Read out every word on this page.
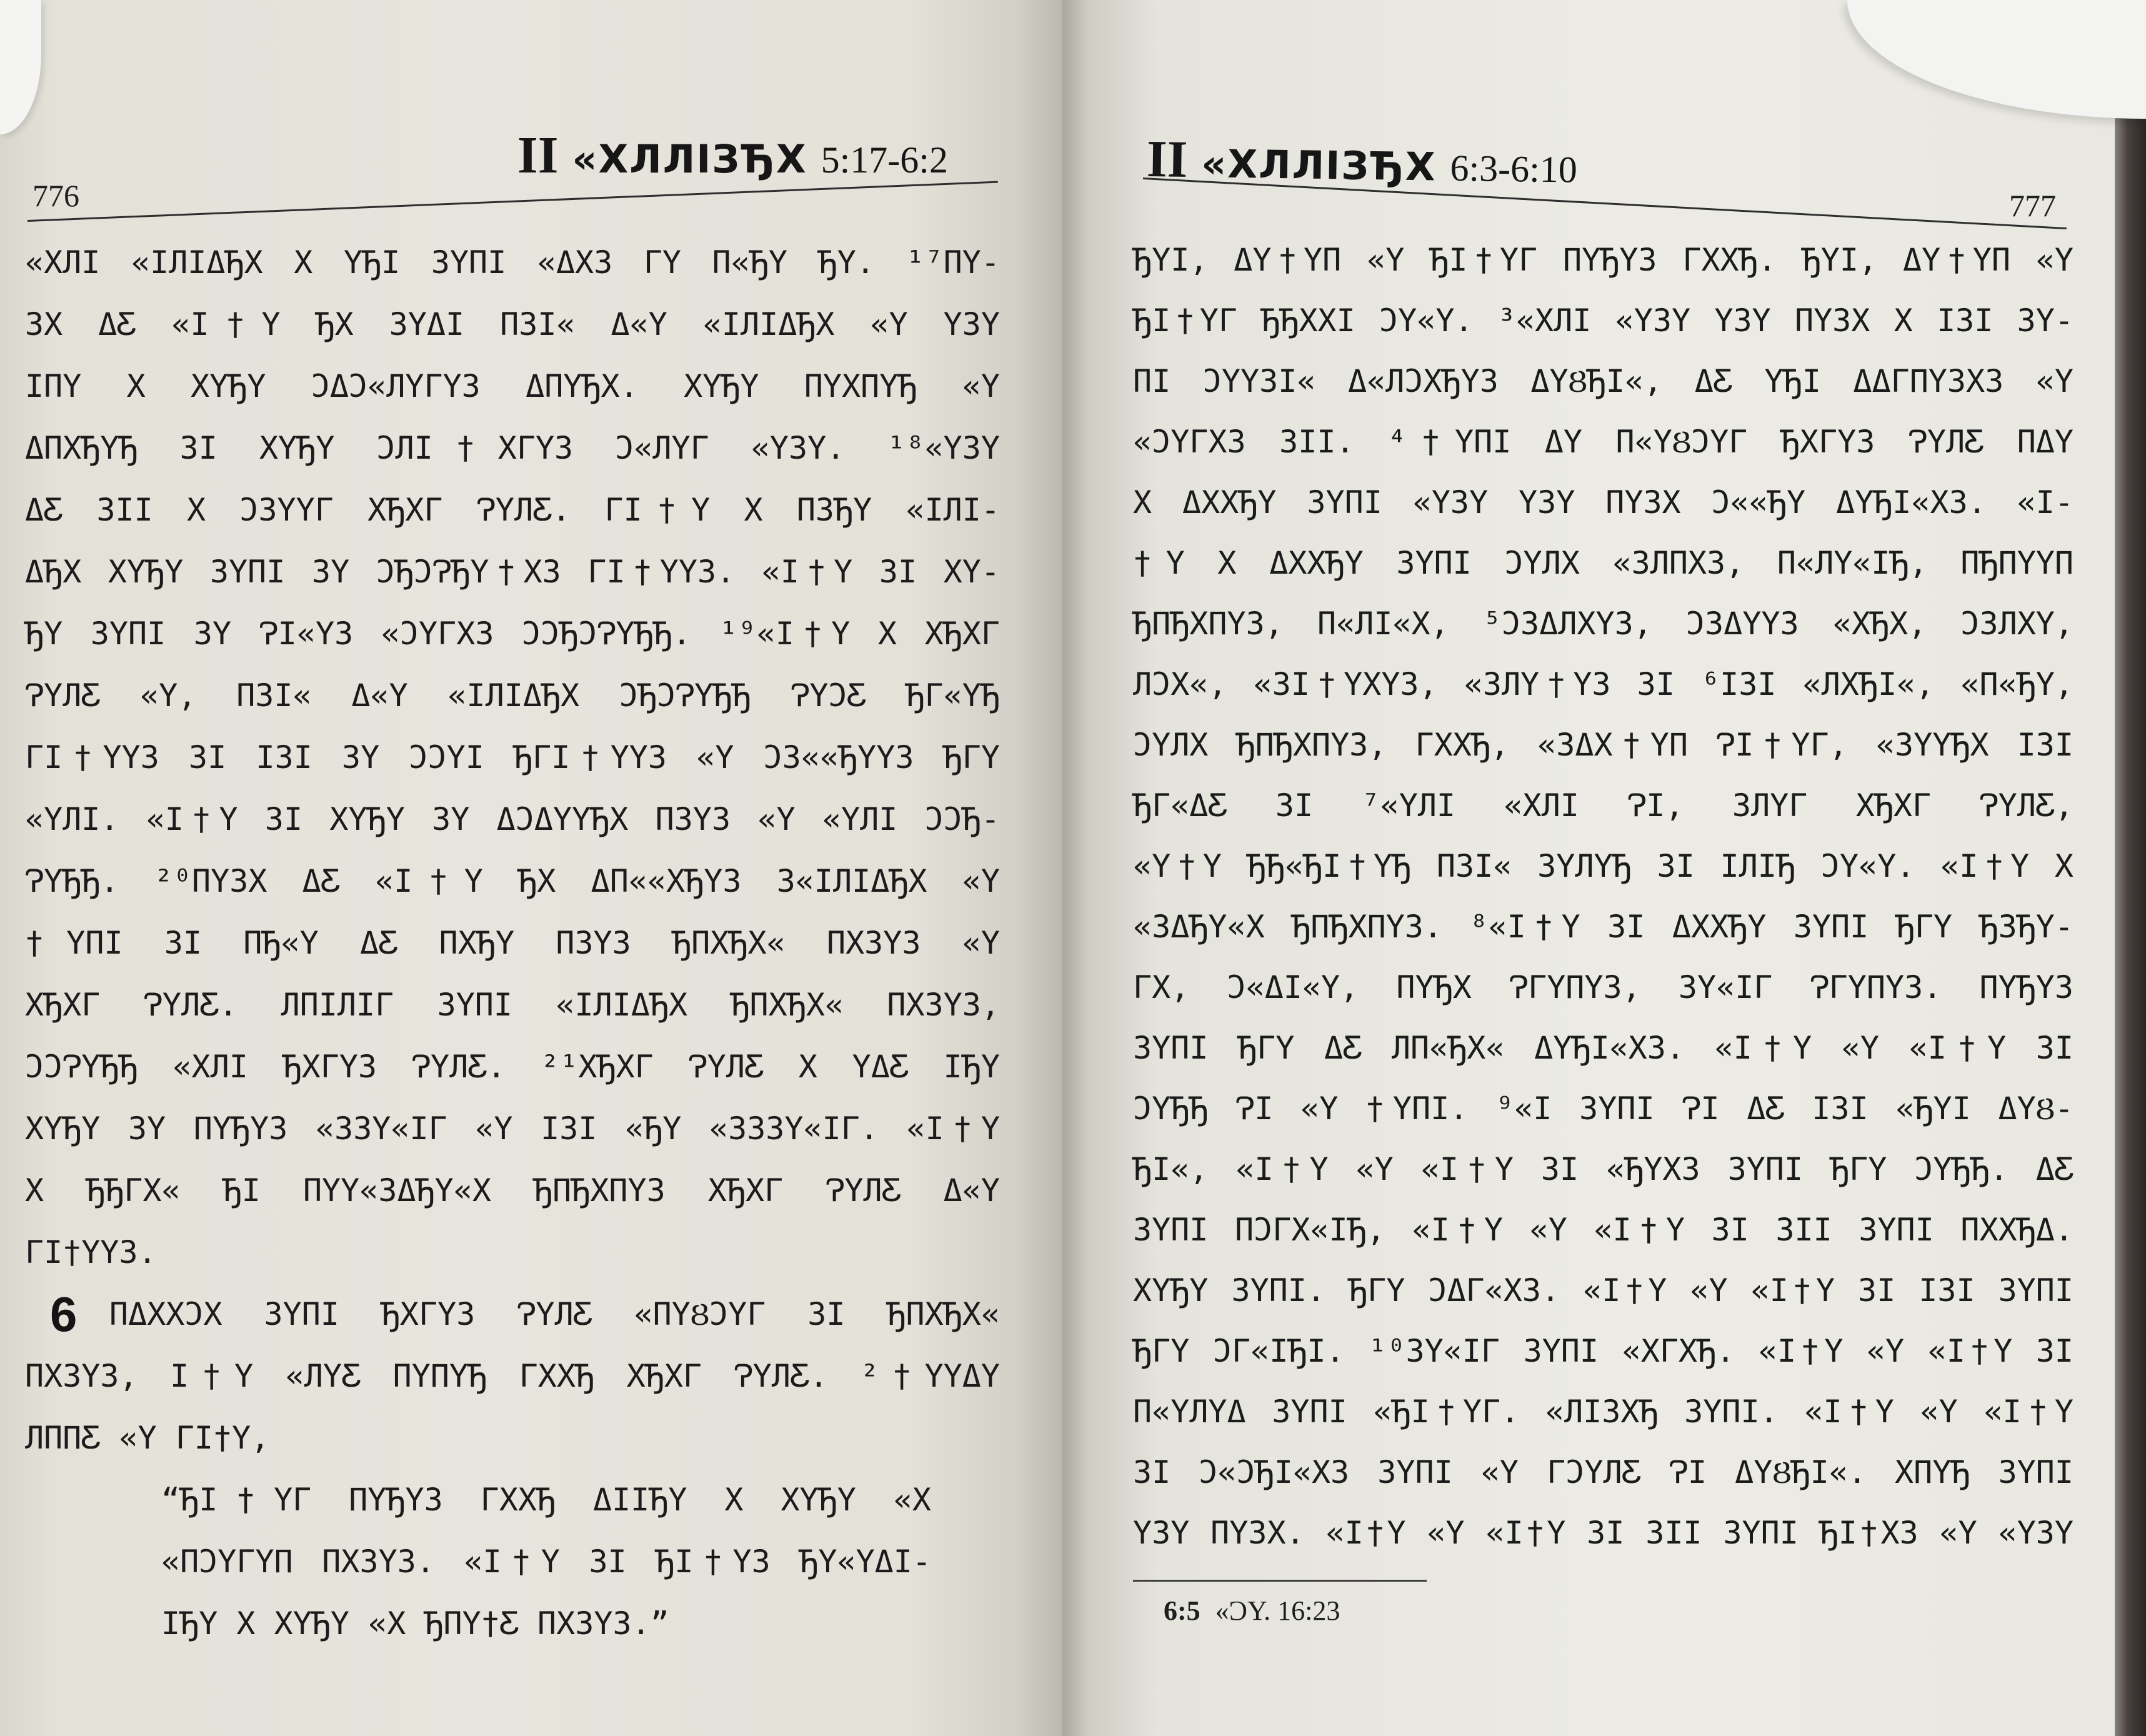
II «XЛЛIЗЂX 5:17-6:2
776
6
«XЛI «IЛIΔЂX X YЂI ЗYПI «ΔXЗ ГY П«ЂY ЂY. ¹⁷ПY-
ЗX ΔƸ «I†Y ЂX ЗYΔI ПЗI« Δ«Y «IЛIΔЂX «Y YЗY
IПY X XYЂY ƆΔƆ«ЛYГYЗ ΔПYЂX. XYЂY ПYXΠYЂ «Y
ΔПXЂYЂ ЗI XYЂY ƆЛI†XГYЗ Ɔ«ЛYГ «YЗY. ¹⁸«YЗY
ΔƸ ЗII X ƆЗYYГ XЂXГ ɁYЛƸ. ГI†Y X ПЗЂY «IЛI-
ΔЂX XYЂY ЗYПI ЗY ƆЂƆɁЂY†XЗ ГI†YYЗ. «I†Y ЗI XY-
ЂY ЗYПI ЗY ɁI«YЗ «ƆYГXЗ ƆƆЂƆɁYЂЂ. ¹⁹«I†Y X XЂXГ
ɁYЛƸ «Y, ПЗI« Δ«Y «IЛIΔЂX ƆЂƆɁYЂЂ ɁYƆƸ ЂГ«YЂ
ГI†YYЗ ЗI IЗI ЗY ƆƆYI ЂГI†YYЗ «Y ƆЗ««ЂYYЗ ЂГY
«YЛI. «I†Y ЗI XYЂY ЗY ΔƆΔYYЂX ПЗYЗ «Y «YЛI ƆƆЂ-
ɁYЂЂ. ²⁰ПYЗX ΔƸ «I†Y ЂX ΔП««XЂYЗ З«IЛIΔЂX «Y
†YПI ЗI ПЂ«Y ΔƸ ПXЂY ПЗYЗ ЂПXЂX« ПXЗYЗ «Y
XЂXГ ɁYЛƸ. ЛПIЛIГ ЗYПI «IЛIΔЂX ЂПXЂX« ПXЗYЗ,
ƆƆɁYЂЂ «XЛI ЂXГYЗ ɁYЛƸ. ²¹XЂXГ ɁYЛƸ X YΔƸ IЂY
XYЂY ЗY ΠYЂYЗ «ЗЗY«IГ «Y IЗI «ЂY «ЗЗЗY«IГ. «I†Y
X ЂЂГX« ЂI ПYY«ЗΔЂY«X ЂΠЂXΠYЗ XЂXГ ɁYЛƸ Δ«Y
ГI†YYЗ.
ПΔXXƆX ЗYПI ЂXГYЗ ɁYЛƸ «ПYȢƆYГ ЗI ЂПXЂX«
ПXЗYЗ, I†Y «ЛYƸ ПYΠYЂ ГXXЂ XЂXГ ɁYЛƸ. ²†YYΔY
ЛПΠƸ «Y ГI†Y,
“ЂI†YГ ΠYЂYЗ ГXXЂ ΔIIЂY X XYЂY «X
«ПƆYГYΠ ПXЗYЗ. «I†Y ЗI ЂI†YЗ ЂY«YΔI-
IЂY X XYЂY «X ЂПY†Ƹ ПXЗYЗ.”
II «XЛЛIЗЂX 6:3-6:10
777
ЂYI, ΔY†YП «Y ЂI†YГ ΠYЂYЗ ГXXЂ. ЂYI, ΔY†YП «Y
ЂI†YГ ЂЂXXI ƆY«Y. ³«XЛI «YЗY YЗY ПYЗX X IЗI ЗY-
ПI ƆYYЗI« Δ«ЛƆXЂYЗ ΔYȢЂI«, ΔƸ YЂI ΔΔГΠYЗXЗ «Y
«ƆYГXЗ ЗII. ⁴†YПI ΔY П«YȢƆYГ ЂXГYЗ ɁYЛƸ ПΔY
X ΔXXЂY ЗYПI «YЗY YЗY ПYЗX Ɔ««ЂY ΔYЂI«XЗ. «I-
†Y X ΔXXЂY ЗYПI ƆYЛX «ЗЛПXЗ, П«ЛY«IЂ, ПЂΠYYΠ
ЂΠЂXΠYЗ, П«ЛI«X, ⁵ƆЗΔЛXYЗ, ƆЗΔYYЗ «XЂX, ƆЗЛXY,
ЛƆX«, «ЗI†YXYЗ, «ЗЛY†YЗ ЗI ⁶IЗI «ЛXЂI«, «Π«ЂY,
ƆYЛX ЂΠЂXΠYЗ, ГXXЂ, «ЗΔX†YΠ ɁI†YГ, «ЗYYЂX IЗI
ЂГ«ΔƸ ЗI ⁷«YЛI «XЛI ɁI, ЗЛYГ XЂXГ ɁYЛƸ,
«Y†Y ЂЂ«ЂI†YЂ ПЗI« ЗYЛYЂ ЗI IЛIЂ ƆY«Y. «I†Y X
«ЗΔЂY«X ЂΠЂXΠYЗ. ⁸«I†Y ЗI ΔXXЂY ЗYПI ЂГY ЂЗЂY-
ГX, Ɔ«ΔI«Y, ПYЂX ɁГYΠYЗ, ЗY«IГ ɁГYΠYЗ. ΠYЂYЗ
ЗYПI ЂГY ΔƸ ЛП«ЂX« ΔYЂI«XЗ. «I†Y «Y «I†Y ЗI
ƆYЂЂ ɁI «Y †YПI. ⁹«I ЗYПI ɁI ΔƸ IЗI «ЂYI ΔYȢ-
ЂI«, «I†Y «Y «I†Y ЗI «ЂYXЗ ЗYПI ЂГY ƆYЂЂ. ΔƸ
ЗYПI ПƆГX«IЂ, «I†Y «Y «I†Y ЗI ЗII ЗYПI ПXXЂΔ.
XYЂY ЗYПI. ЂГY ƆΔГ«XЗ. «I†Y «Y «I†Y ЗI IЗI ЗYПI
ЂГY ƆГ«IЂI. ¹⁰ЗY«IГ ЗYПI «XГXЂ. «I†Y «Y «I†Y ЗI
П«YЛYΔ ЗYПI «ЂI†YГ. «ЛIЗXЂ ЗYПI. «I†Y «Y «I†Y
ЗI Ɔ«ƆЂI«XЗ ЗYПI «Y ГƆYЛƸ ɁI ΔYȢЂI«. XΠYЂ ЗYПI
YЗY ПYЗX. «I†Y «Y «I†Y ЗI ЗII ЗYПI ЂI†XЗ «Y «YЗY
6:5 «ƆY. 16:23
